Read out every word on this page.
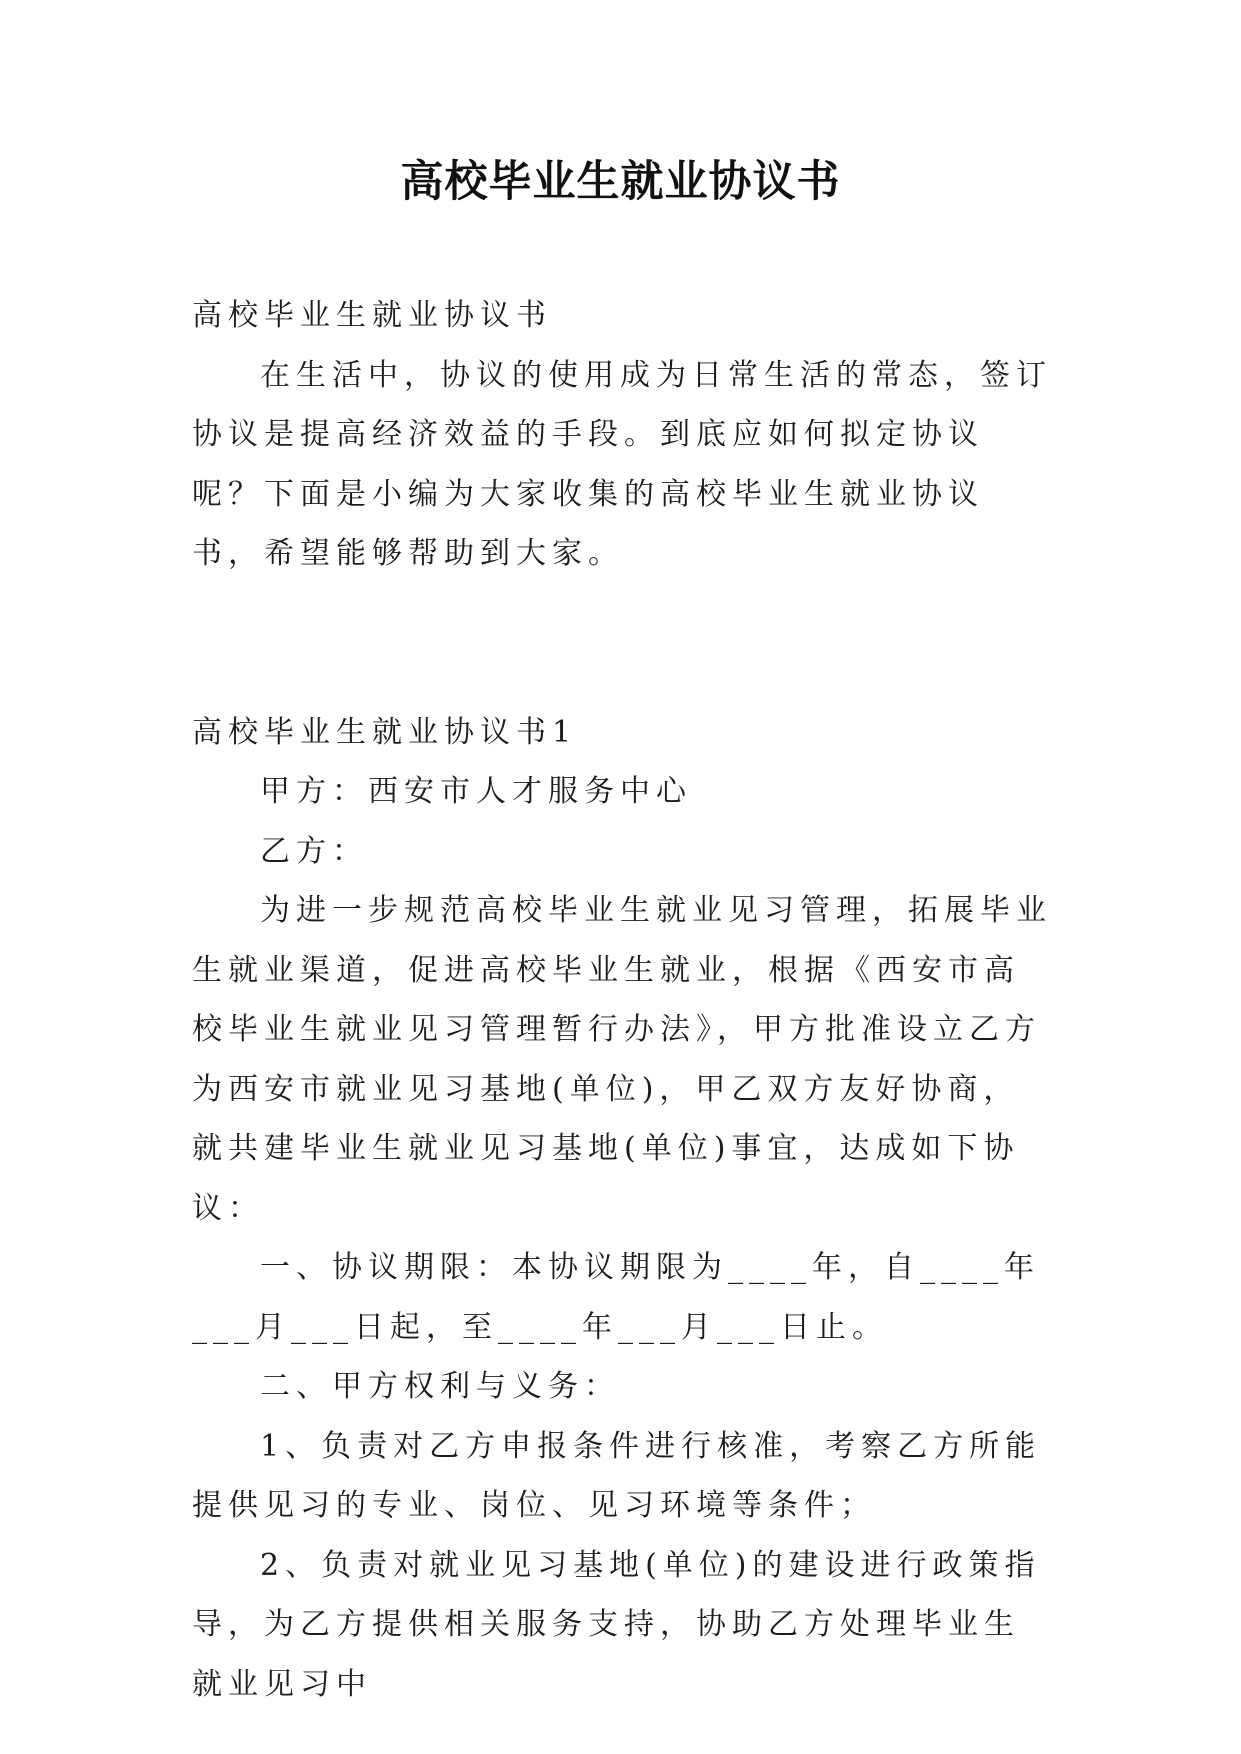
高校毕业生就业协议书

高校毕业生就业协议书

在生活中，协议的使用成为日常生活的常态，签订协议是提高经济效益的手段。到底应如何拟定协议呢？下面是小编为大家收集的高校毕业生就业协议书，希望能够帮助到大家。

高校毕业生就业协议书1

甲方：西安市人才服务中心

乙方：

为进一步规范高校毕业生就业见习管理，拓展毕业生就业渠道，促进高校毕业生就业，根据《西安市高校毕业生就业见习管理暂行办法》，甲方批准设立乙方为西安市就业见习基地(单位)，甲乙双方友好协商，就共建毕业生就业见习基地(单位)事宜，达成如下协议：

一、协议期限：本协议期限为____年，自____年___月___日起，至____年___月___日止。

二、甲方权利与义务：

1、负责对乙方申报条件进行核准，考察乙方所能提供见习的专业、岗位、见习环境等条件；

2、负责对就业见习基地(单位)的建设进行政策指导，为乙方提供相关服务支持，协助乙方处理毕业生就业见习中
